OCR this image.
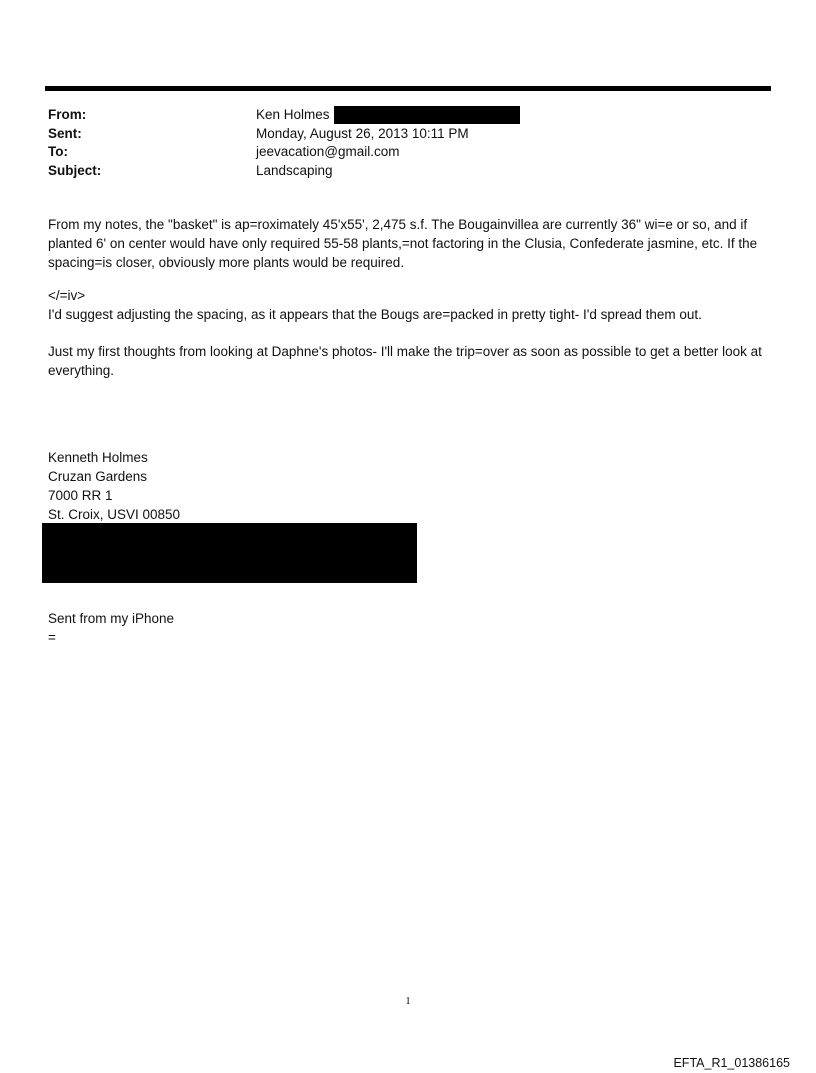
From:	Ken Holmes
Sent:	Monday, August 26, 2013 10:11 PM
To:	jeevacation@gmail.com
Subject:	Landscaping

From my notes, the "basket" is ap=roximately 45'x55', 2,475 s.f. The Bougainvillea are currently 36" wi=e or so, and if planted 6' on center would have only required 55-58 plants,=not factoring in the Clusia, Confederate jasmine, etc. If the spacing=is closer, obviously more plants would be required.

</=iv>

I'd suggest adjusting the spacing, as it appears that the Bougs are=packed in pretty tight- I'd spread them out.

Just my first thoughts from looking at Daphne's photos- I'll make the trip=over as soon as possible to get a better look at everything.

Kenneth Holmes

Cruzan Gardens

7000 RR 1

St. Croix, USVI 00850

Sent from my iPhone

=

1
EFTA_R1_01386165
